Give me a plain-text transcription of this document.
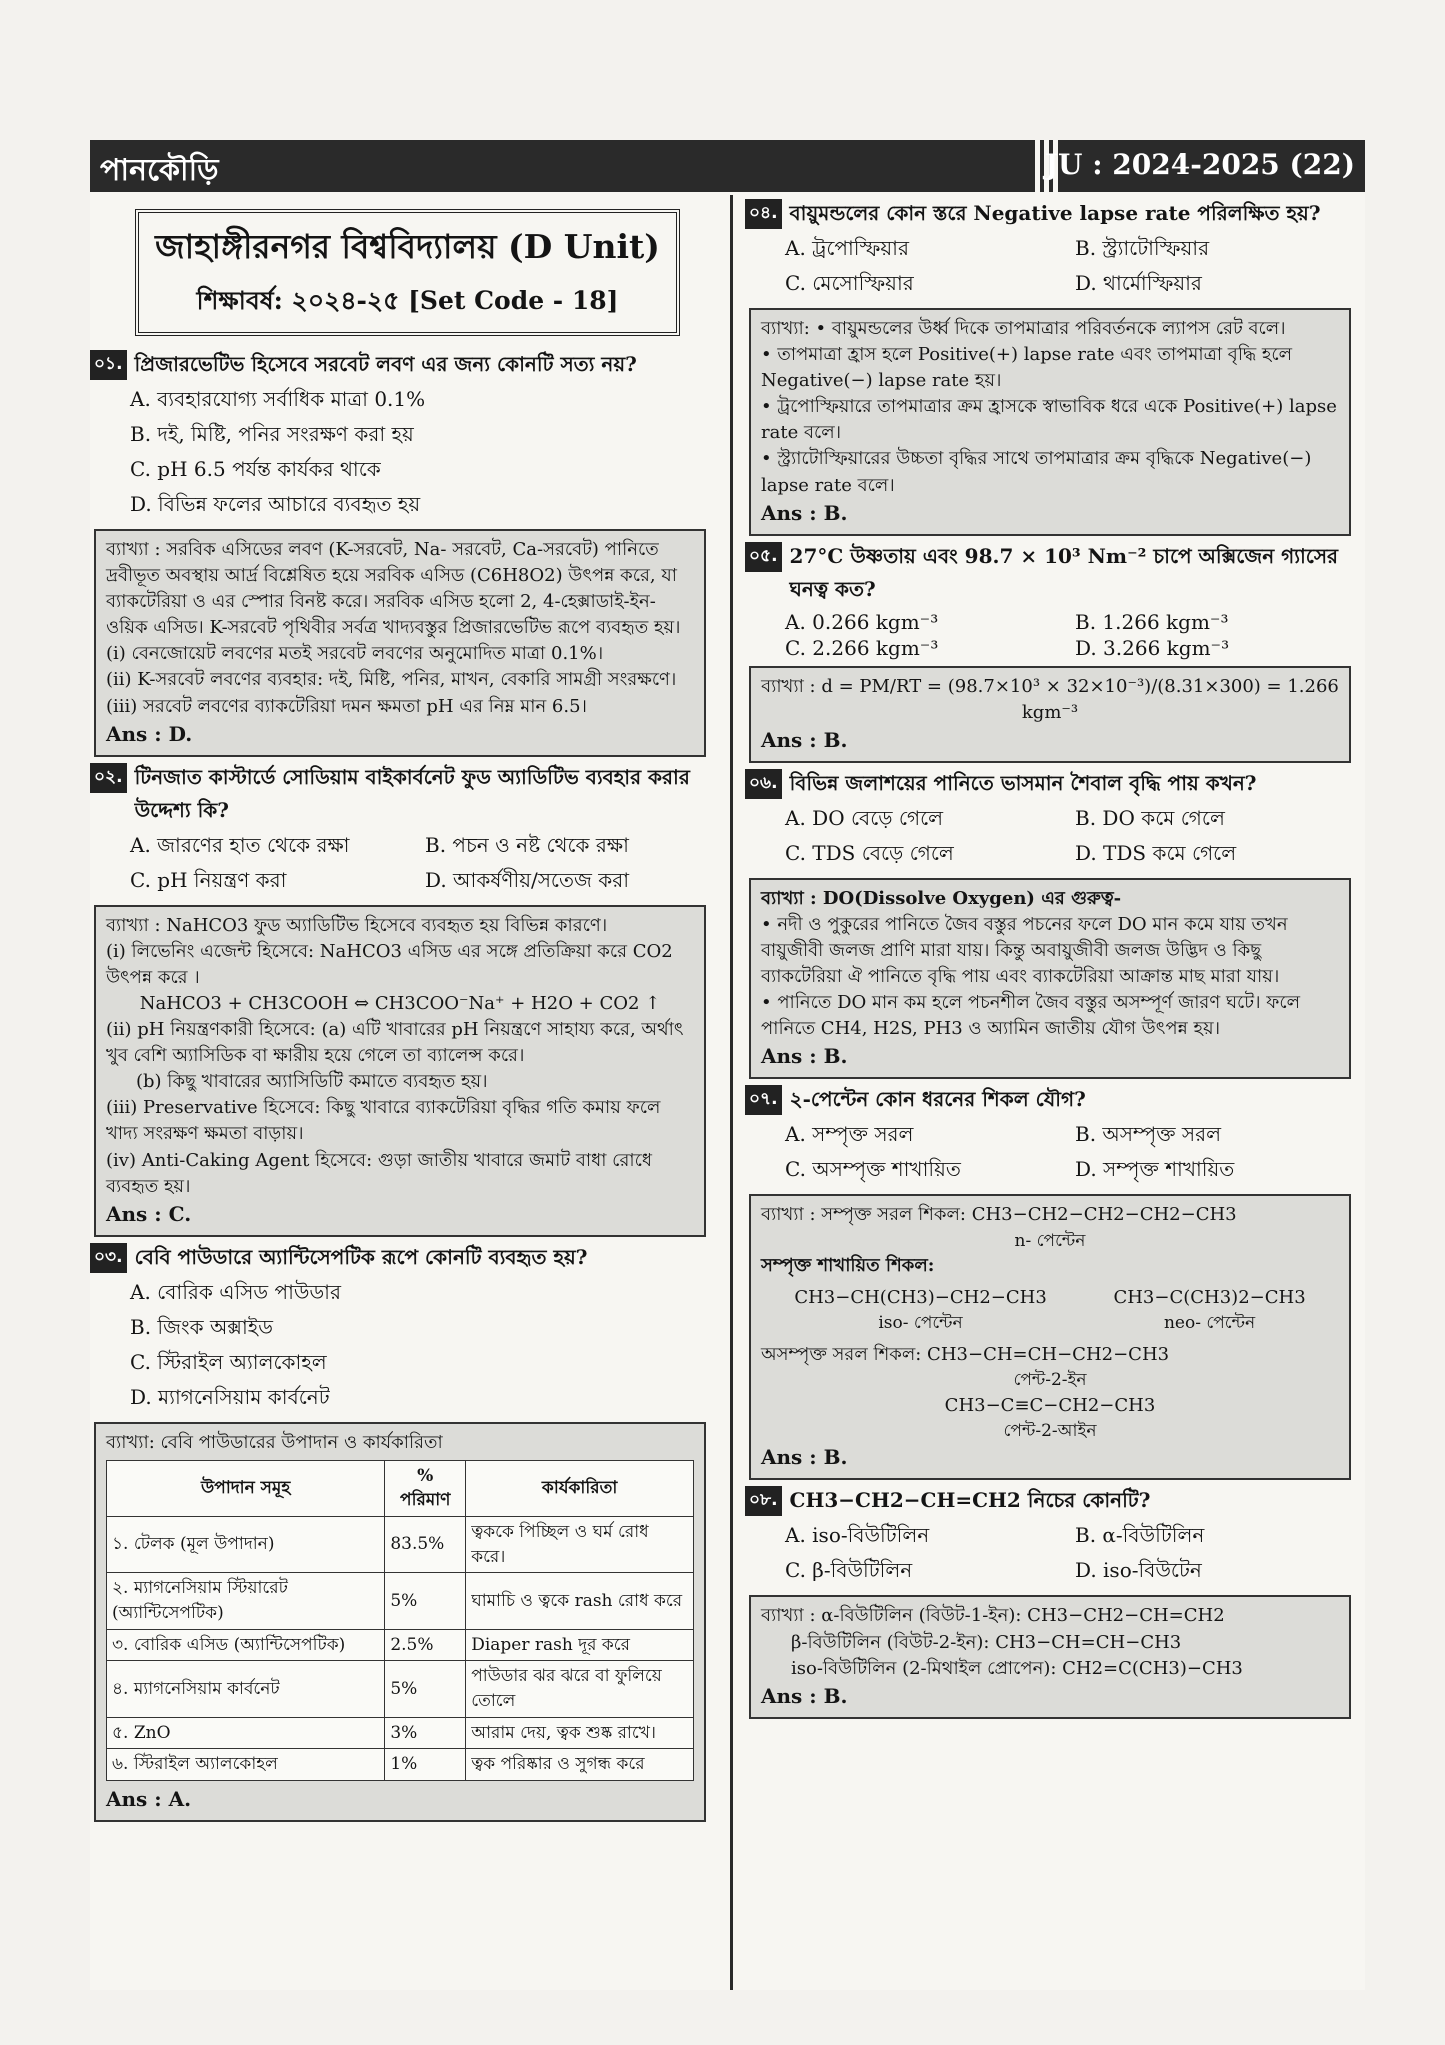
পানকৌড়ি	JU : 2024-2025 (22)
জাহাঙ্গীরনগর বিশ্ববিদ্যালয় (D Unit)
শিক্ষাবর্ষ: ২০২৪-২৫ [Set Code - 18]
০১. প্রিজারভেটিভ হিসেবে সরবেট লবণ এর জন্য কোনটি সত্য নয়?
A. ব্যবহারযোগ্য সর্বাধিক মাত্রা 0.1%
B. দই, মিষ্টি, পনির সংরক্ষণ করা হয়
C. pH 6.5 পর্যন্ত কার্যকর থাকে
D. বিভিন্ন ফলের আচারে ব্যবহৃত হয়
ব্যাখ্যা : সরবিক এসিডের লবণ (K-সরবেট, Na- সরবেট, Ca-সরবেট) পানিতে দ্রবীভূত অবস্থায় আর্দ্র বিশ্লেষিত হয়ে সরবিক এসিড (C6H8O2) উৎপন্ন করে, যা ব্যাকটেরিয়া ও এর স্পোর বিনষ্ট করে। সরবিক এসিড হলো 2, 4-হেক্সাডাই-ইন-ওয়িক এসিড। K-সরবেট পৃথিবীর সর্বত্র খাদ্যবস্তুর প্রিজারভেটিভ রূপে ব্যবহৃত হয়।
(i) বেনজোয়েট লবণের মতই সরবেট লবণের অনুমোদিত মাত্রা 0.1%।
(ii) K-সরবেট লবণের ব্যবহার: দই, মিষ্টি, পনির, মাখন, বেকারি সামগ্রী সংরক্ষণে।
(iii) সরবেট লবণের ব্যাকটেরিয়া দমন ক্ষমতা pH এর নিম্ন মান 6.5।
Ans : D.
০২. টিনজাত কাস্টার্ডে সোডিয়াম বাইকার্বনেট ফুড অ্যাডিটিভ ব্যবহার করার উদ্দেশ্য কি?
A. জারণের হাত থেকে রক্ষা	B. পচন ও নষ্ট থেকে রক্ষা
C. pH নিয়ন্ত্রণ করা	D. আকর্ষণীয়/সতেজ করা
ব্যাখ্যা : NaHCO3 ফুড অ্যাডিটিভ হিসেবে ব্যবহৃত হয় বিভিন্ন কারণে।
(i) লিভেনিং এজেন্ট হিসেবে: NaHCO3 এসিড এর সঙ্গে প্রতিক্রিয়া করে CO2 উৎপন্ন করে ।
NaHCO3 + CH3COOH ⇔ CH3COO⁻Na⁺ + H2O + CO2 ↑
(ii) pH নিয়ন্ত্রণকারী হিসেবে: (a) এটি খাবারের pH নিয়ন্ত্রণে সাহায্য করে, অর্থাৎ খুব বেশি অ্যাসিডিক বা ক্ষারীয় হয়ে গেলে তা ব্যালেন্স করে।
(b) কিছু খাবারের অ্যাসিডিটি কমাতে ব্যবহৃত হয়।
(iii) Preservative হিসেবে: কিছু খাবারে ব্যাকটেরিয়া বৃদ্ধির গতি কমায় ফলে খাদ্য সংরক্ষণ ক্ষমতা বাড়ায়।
(iv) Anti-Caking Agent হিসেবে: গুড়া জাতীয় খাবারে জমাট বাধা রোধে ব্যবহৃত হয়।
Ans : C.
০৩. বেবি পাউডারে অ্যান্টিসেপটিক রূপে কোনটি ব্যবহৃত হয়?
A. বোরিক এসিড পাউডার
B. জিংক অক্সাইড
C. স্টিরাইল অ্যালকোহল
D. ম্যাগনেসিয়াম কার্বনেট
ব্যাখ্যা: বেবি পাউডারের উপাদান ও কার্যকারিতা
উপাদান সমূহ	% পরিমাণ	কার্যকারিতা
১. টেলক (মূল উপাদান)	83.5%	ত্বককে পিচ্ছিল ও ঘর্ম রোধ করে।
২. ম্যাগনেসিয়াম স্টিয়ারেট (অ্যান্টিসেপটিক)	5%	ঘামাচি ও ত্বকে rash রোধ করে
৩. বোরিক এসিড (অ্যান্টিসেপটিক)	2.5%	Diaper rash দূর করে
৪. ম্যাগনেসিয়াম কার্বনেট	5%	পাউডার ঝর ঝরে বা ফুলিয়ে তোলে
৫. ZnO	3%	আরাম দেয়, ত্বক শুষ্ক রাখে।
৬. স্টিরাইল অ্যালকোহল	1%	ত্বক পরিষ্কার ও সুগন্ধ করে
Ans : A.
০৪. বায়ুমন্ডলের কোন স্তরে Negative lapse rate পরিলক্ষিত হয়?
A. ট্রপোস্ফিয়ার	B. স্ট্র্যাটোস্ফিয়ার
C. মেসোস্ফিয়ার	D. থার্মোস্ফিয়ার
ব্যাখ্যা: • বায়ুমন্ডলের উর্ধ্ব দিকে তাপমাত্রার পরিবর্তনকে ল্যাপস রেট বলে।
• তাপমাত্রা হ্রাস হলে Positive(+) lapse rate এবং তাপমাত্রা বৃদ্ধি হলে Negative(−) lapse rate হয়।
• ট্রপোস্ফিয়ারে তাপমাত্রার ক্রম হ্রাসকে স্বাভাবিক ধরে একে Positive(+) lapse rate বলে।
• স্ট্র্যাটোস্ফিয়ারের উচ্চতা বৃদ্ধির সাথে তাপমাত্রার ক্রম বৃদ্ধিকে Negative(−) lapse rate বলে।
Ans : B.
০৫. 27°C উষ্ণতায় এবং 98.7 × 10³ Nm⁻² চাপে অক্সিজেন গ্যাসের ঘনত্ব কত?
A. 0.266 kgm⁻³	B. 1.266 kgm⁻³
C. 2.266 kgm⁻³	D. 3.266 kgm⁻³
ব্যাখ্যা : d = PM/RT = (98.7×10³ × 32×10⁻³)/(8.31×300) = 1.266 kgm⁻³
Ans : B.
০৬. বিভিন্ন জলাশয়ের পানিতে ভাসমান শৈবাল বৃদ্ধি পায় কখন?
A. DO বেড়ে গেলে	B. DO কমে গেলে
C. TDS বেড়ে গেলে	D. TDS কমে গেলে
ব্যাখ্যা : DO(Dissolve Oxygen) এর গুরুত্ব-
• নদী ও পুকুরের পানিতে জৈব বস্তুর পচনের ফলে DO মান কমে যায় তখন বায়ুজীবী জলজ প্রাণি মারা যায়। কিন্তু অবায়ুজীবী জলজ উদ্ভিদ ও কিছু ব্যাকটেরিয়া ঐ পানিতে বৃদ্ধি পায় এবং ব্যাকটেরিয়া আক্রান্ত মাছ মারা যায়।
• পানিতে DO মান কম হলে পচনশীল জৈব বস্তুর অসম্পূর্ণ জারণ ঘটে। ফলে পানিতে CH4, H2S, PH3 ও অ্যামিন জাতীয় যৌগ উৎপন্ন হয়।
Ans : B.
০৭. ২-পেন্টেন কোন ধরনের শিকল যৌগ?
A. সম্পৃক্ত সরল	B. অসম্পৃক্ত সরল
C. অসম্পৃক্ত শাখায়িত	D. সম্পৃক্ত শাখায়িত
ব্যাখ্যা : সম্পৃক্ত সরল শিকল: CH3−CH2−CH2−CH2−CH3
n- পেন্টেন
সম্পৃক্ত শাখায়িত শিকল:
CH3−CH(CH3)−CH2−CH3
iso- পেন্টেন
CH3−C(CH3)2−CH3
neo- পেন্টেন
অসম্পৃক্ত সরল শিকল: CH3−CH=CH−CH2−CH3
পেন্ট-2-ইন
CH3−C≡C−CH2−CH3
পেন্ট-2-আইন
Ans : B.
০৮. CH3−CH2−CH=CH2 নিচের কোনটি?
A. iso-বিউটিলিন	B. α-বিউটিলিন
C. β-বিউটিলিন	D. iso-বিউটেন
ব্যাখ্যা : α-বিউটিলিন (বিউট-1-ইন): CH3−CH2−CH=CH2
β-বিউটিলিন (বিউট-2-ইন): CH3−CH=CH−CH3
iso-বিউটিলিন (2-মিথাইল প্রোপেন): CH2=C(CH3)−CH3
Ans : B.
